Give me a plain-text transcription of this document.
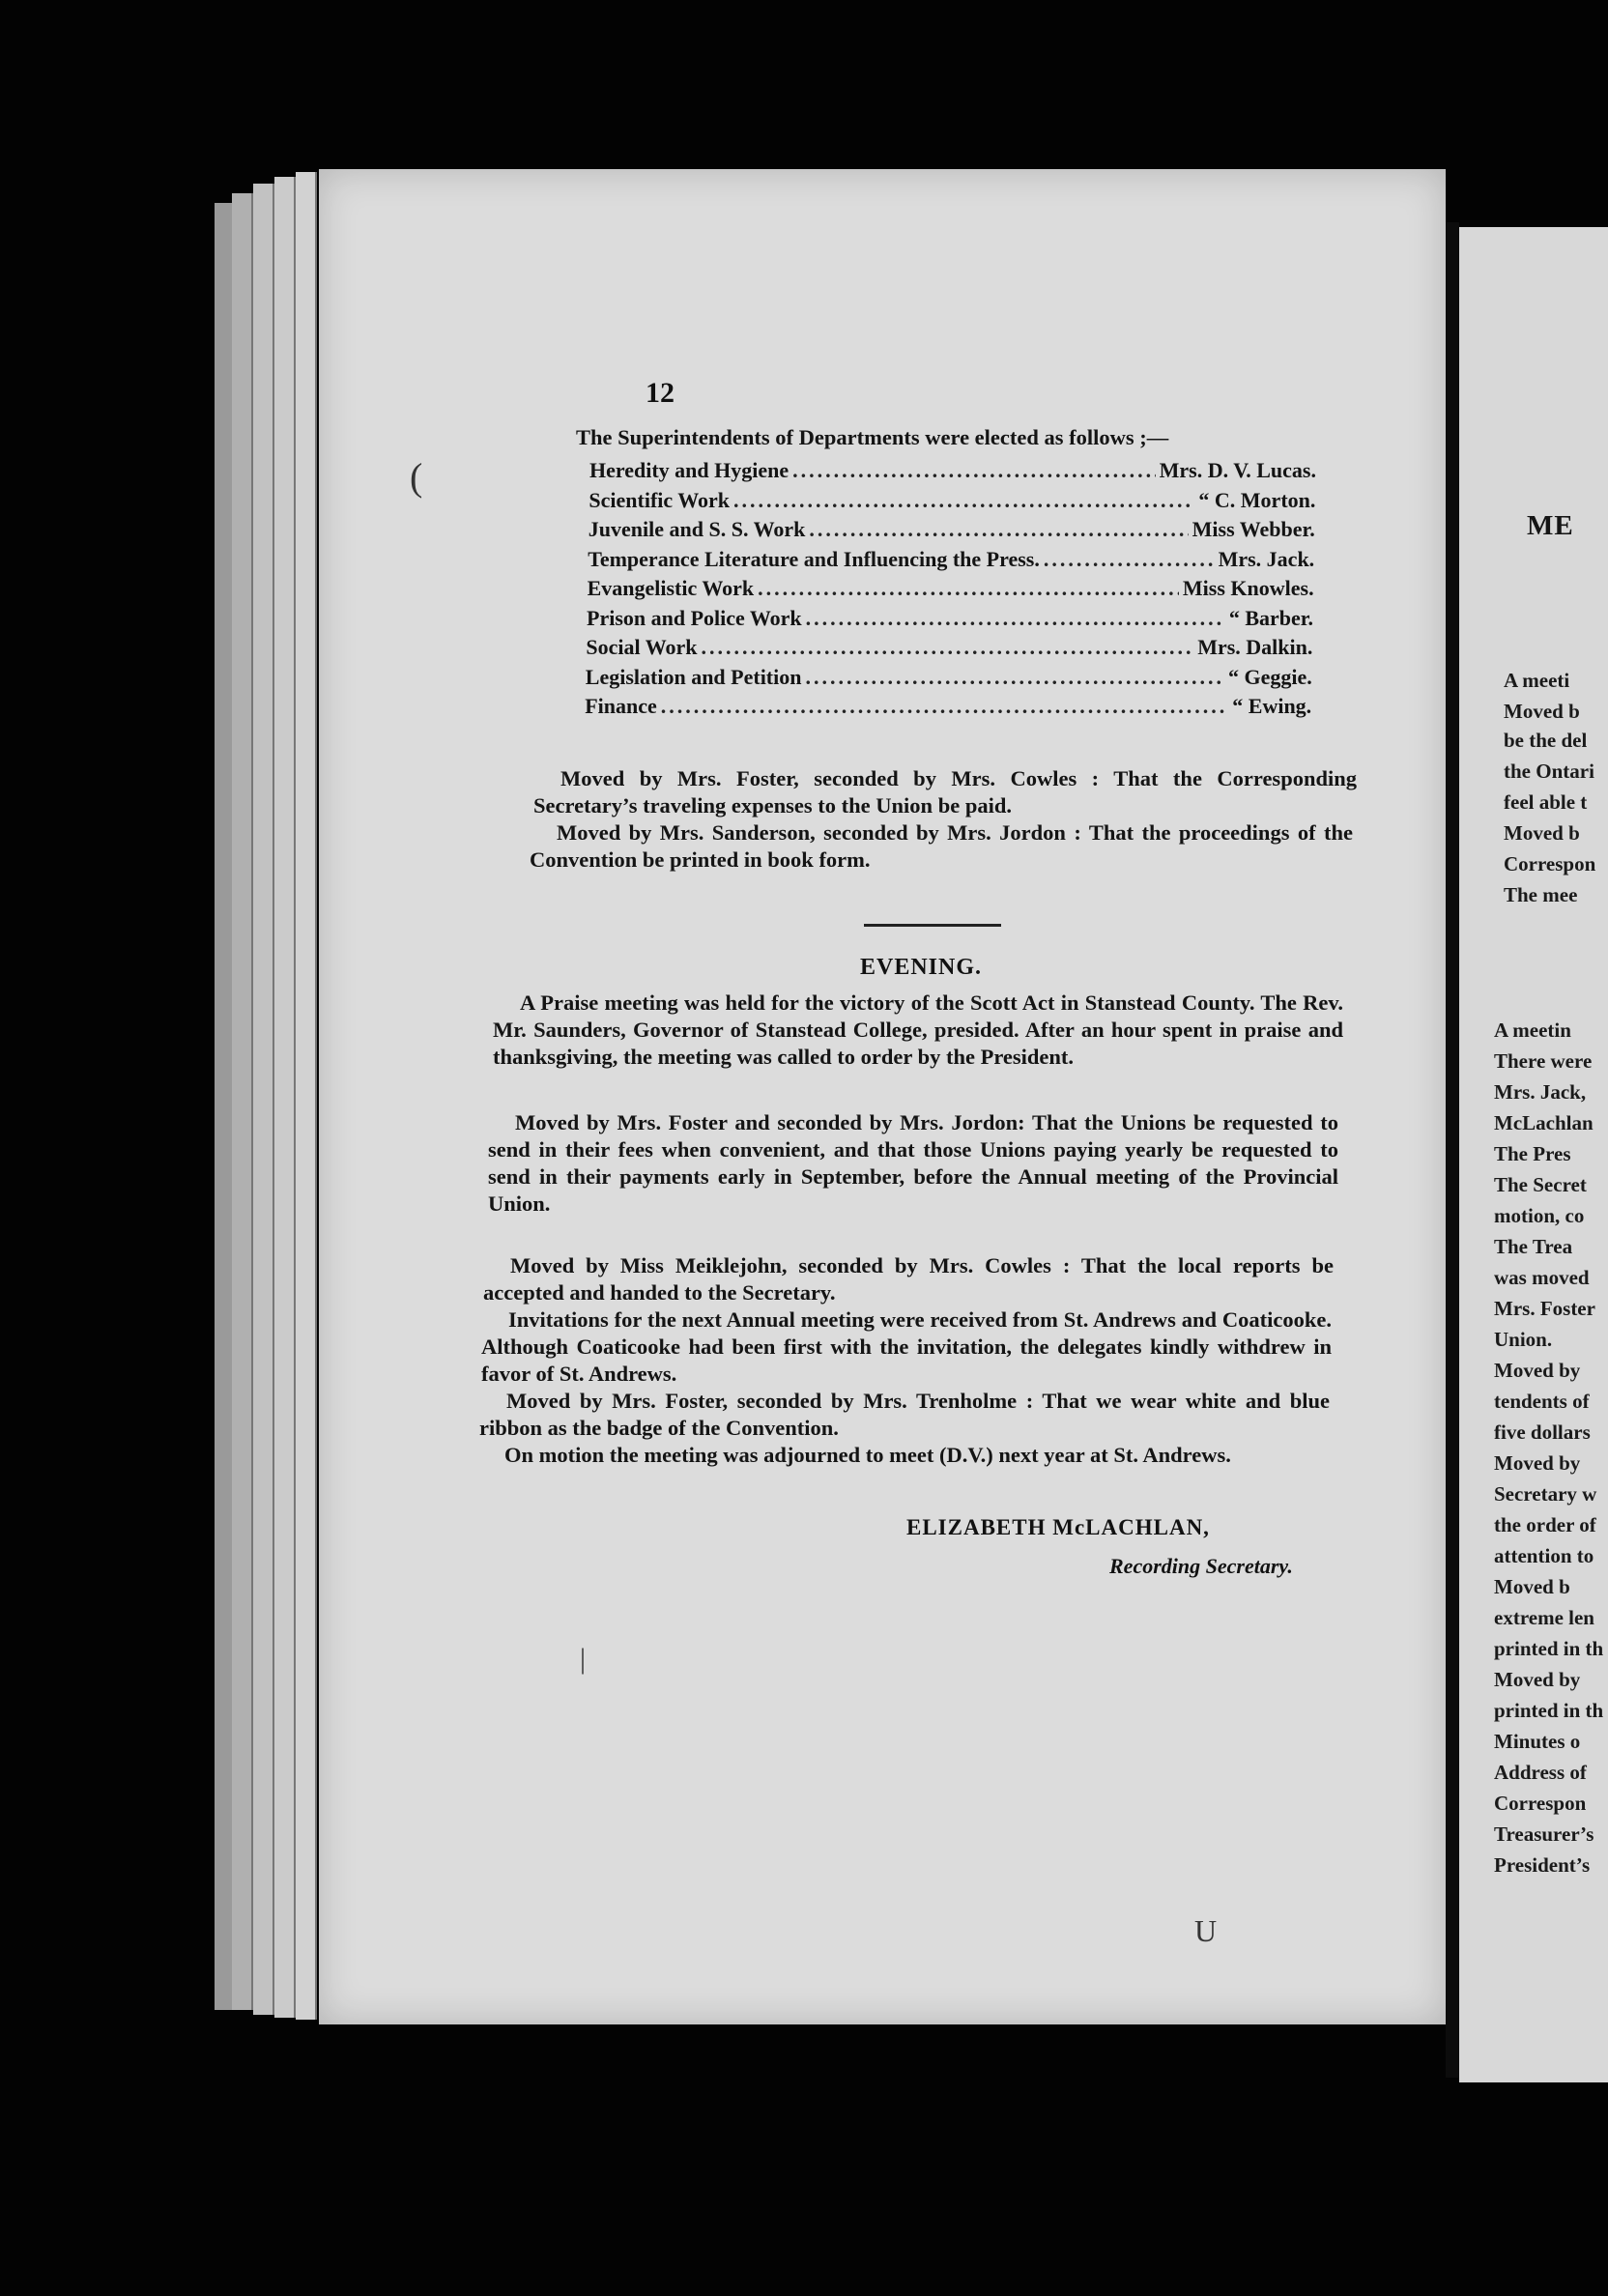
ME
A meeti
Moved b
be the del
the Ontari
feel able t
Moved b
Correspon
The mee
A meetin
There were
Mrs. Jack,
McLachlan
The Pres
The Secret
motion, co
The Trea
was moved
Mrs. Foster
Union.
Moved by
tendents of
five dollars
Moved by
Secretary w
the order of
attention to
Moved b
extreme len
printed in th
Moved by
printed in th
Minutes o
Address of
Correspon
Treasurer’s
President’s
12
The Superintendents of Departments were elected as follows ;—
Heredity and Hygiene .....	Mrs. D. V. Lucas.
Scientific Work .....	“ C. Morton.
Juvenile and S. S. Work .....	Miss Webber.
Temperance Literature and Influencing the Press. .....	Mrs. Jack.
Evangelistic Work .....	Miss Knowles.
Prison and Police Work .....	“ Barber.
Social Work .....	Mrs. Dalkin.
Legislation and Petition .....	“ Geggie.
Finance .....	“ Ewing.
Moved by Mrs. Foster, seconded by Mrs. Cowles : That the Corresponding Secretary’s traveling expenses to the Union be paid.
Moved by Mrs. Sanderson, seconded by Mrs. Jordon : That the proceedings of the Convention be printed in book form.
EVENING.
A Praise meeting was held for the victory of the Scott Act in Stanstead County. The Rev. Mr. Saunders, Governor of Stanstead College, presided. After an hour spent in praise and thanksgiving, the meeting was called to order by the President.
Moved by Mrs. Foster and seconded by Mrs. Jordon: That the Unions be requested to send in their fees when convenient, and that those Unions paying yearly be requested to send in their payments early in September, before the Annual meeting of the Provincial Union.
Moved by Miss Meiklejohn, seconded by Mrs. Cowles : That the local reports be accepted and handed to the Secretary.
Invitations for the next Annual meeting were received from St. Andrews and Coaticooke. Although Coaticooke had been first with the invitation, the delegates kindly withdrew in favor of St. Andrews.
Moved by Mrs. Foster, seconded by Mrs. Trenholme : That we wear white and blue ribbon as the badge of the Convention.
On motion the meeting was adjourned to meet (D.V.) next year at St. Andrews.
ELIZABETH McLACHLAN,
Recording Secretary.
(
|
U
